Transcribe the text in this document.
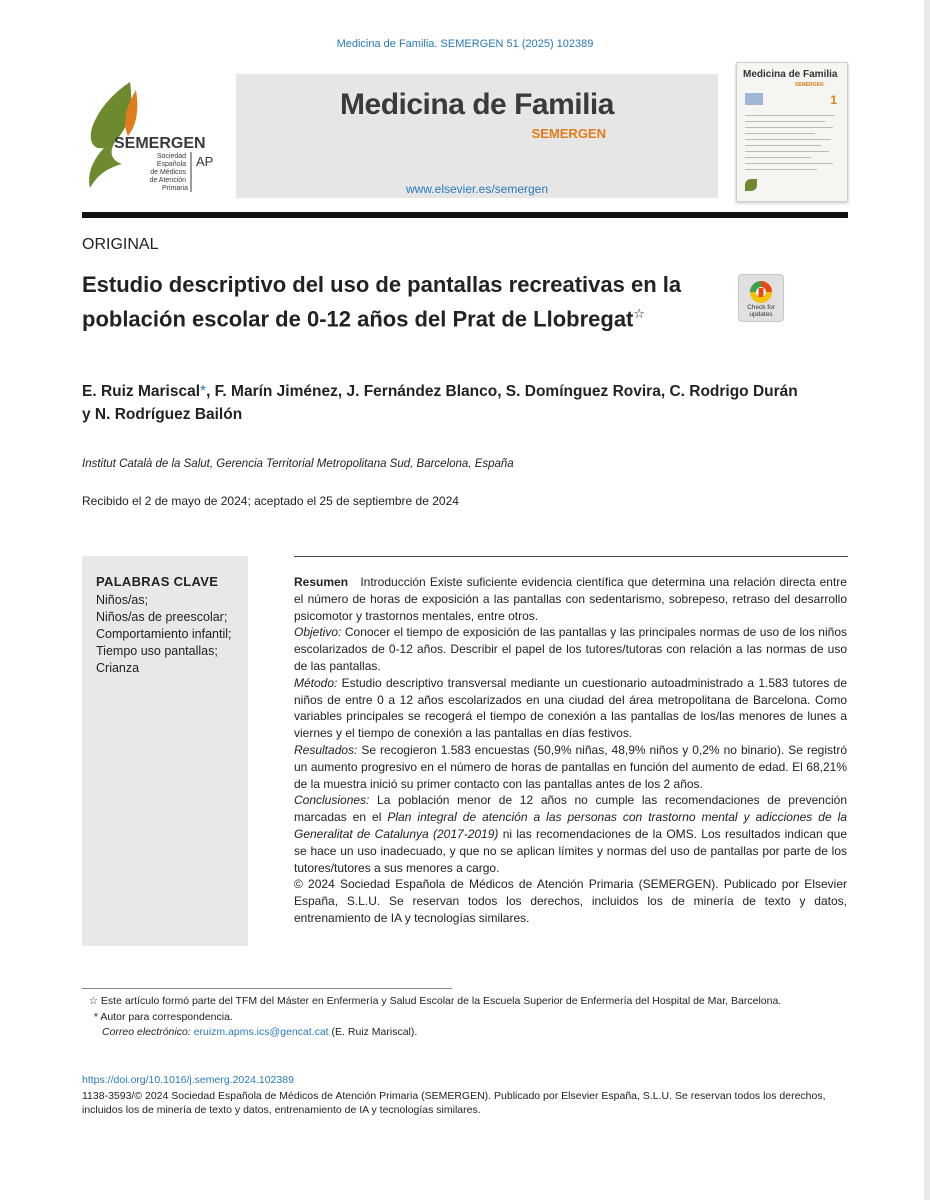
Medicina de Familia. SEMERGEN 51 (2025) 102389
SEMERGEN
AP
Sociedad Española de Médicos de Atención Primaria
Medicina de Familia
SEMERGEN
www.elsevier.es/semergen
Medicina de Familia
SEMERGEN
1
ORIGINAL
Estudio descriptivo del uso de pantallas recreativas en la población escolar de 0-12 años del Prat de Llobregat☆	Check for updates
E. Ruiz Mariscal*, F. Marín Jiménez, J. Fernández Blanco, S. Domínguez Rovira, C. Rodrigo Durán y N. Rodríguez Bailón
Institut Català de la Salut, Gerencia Territorial Metropolitana Sud, Barcelona, España
Recibido el 2 de mayo de 2024; aceptado el 25 de septiembre de 2024
PALABRAS CLAVE
Niños/as;
Niños/as de preescolar;
Comportamiento infantil;
Tiempo uso pantallas;
Crianza

Resumen Introducción Existe suficiente evidencia científica que determina una relación directa entre el número de horas de exposición a las pantallas con sedentarismo, sobrepeso, retraso del desarrollo psicomotor y trastornos mentales, entre otros.

Objetivo: Conocer el tiempo de exposición de las pantallas y las principales normas de uso de los niños escolarizados de 0-12 años. Describir el papel de los tutores/tutoras con relación a las normas de uso de las pantallas.

Método: Estudio descriptivo transversal mediante un cuestionario autoadministrado a 1.583 tutores de niños de entre 0 a 12 años escolarizados en una ciudad del área metropolitana de Barcelona. Como variables principales se recogerá el tiempo de conexión a las pantallas de los/las menores de lunes a viernes y el tiempo de conexión a las pantallas en días festivos.

Resultados: Se recogieron 1.583 encuestas (50,9% niñas, 48,9% niños y 0,2% no binario). Se registró un aumento progresivo en el número de horas de pantallas en función del aumento de edad. El 68,21% de la muestra inició su primer contacto con las pantallas antes de los 2 años.

Conclusiones: La población menor de 12 años no cumple las recomendaciones de prevención marcadas en el Plan integral de atención a las personas con trastorno mental y adicciones de la Generalitat de Catalunya (2017-2019) ni las recomendaciones de la OMS. Los resultados indican que se hace un uso inadecuado, y que no se aplican límites y normas del uso de pantallas por parte de los tutores/tutores a sus menores a cargo.

© 2024 Sociedad Española de Médicos de Atención Primaria (SEMERGEN). Publicado por Elsevier España, S.L.U. Se reservan todos los derechos, incluidos los de minería de texto y datos, entrenamiento de IA y tecnologías similares.

☆ Este artículo formó parte del TFM del Máster en Enfermería y Salud Escolar de la Escuela Superior de Enfermería del Hospital de Mar, Barcelona.

* Autor para correspondencia.

Correo electrónico: eruizm.apms.ics@gencat.cat (E. Ruiz Mariscal).

https://doi.org/10.1016/j.semerg.2024.102389
1138-3593/© 2024 Sociedad Española de Médicos de Atención Primaria (SEMERGEN). Publicado por Elsevier España, S.L.U. Se reservan todos los derechos, incluidos los de minería de texto y datos, entrenamiento de IA y tecnologías similares.
